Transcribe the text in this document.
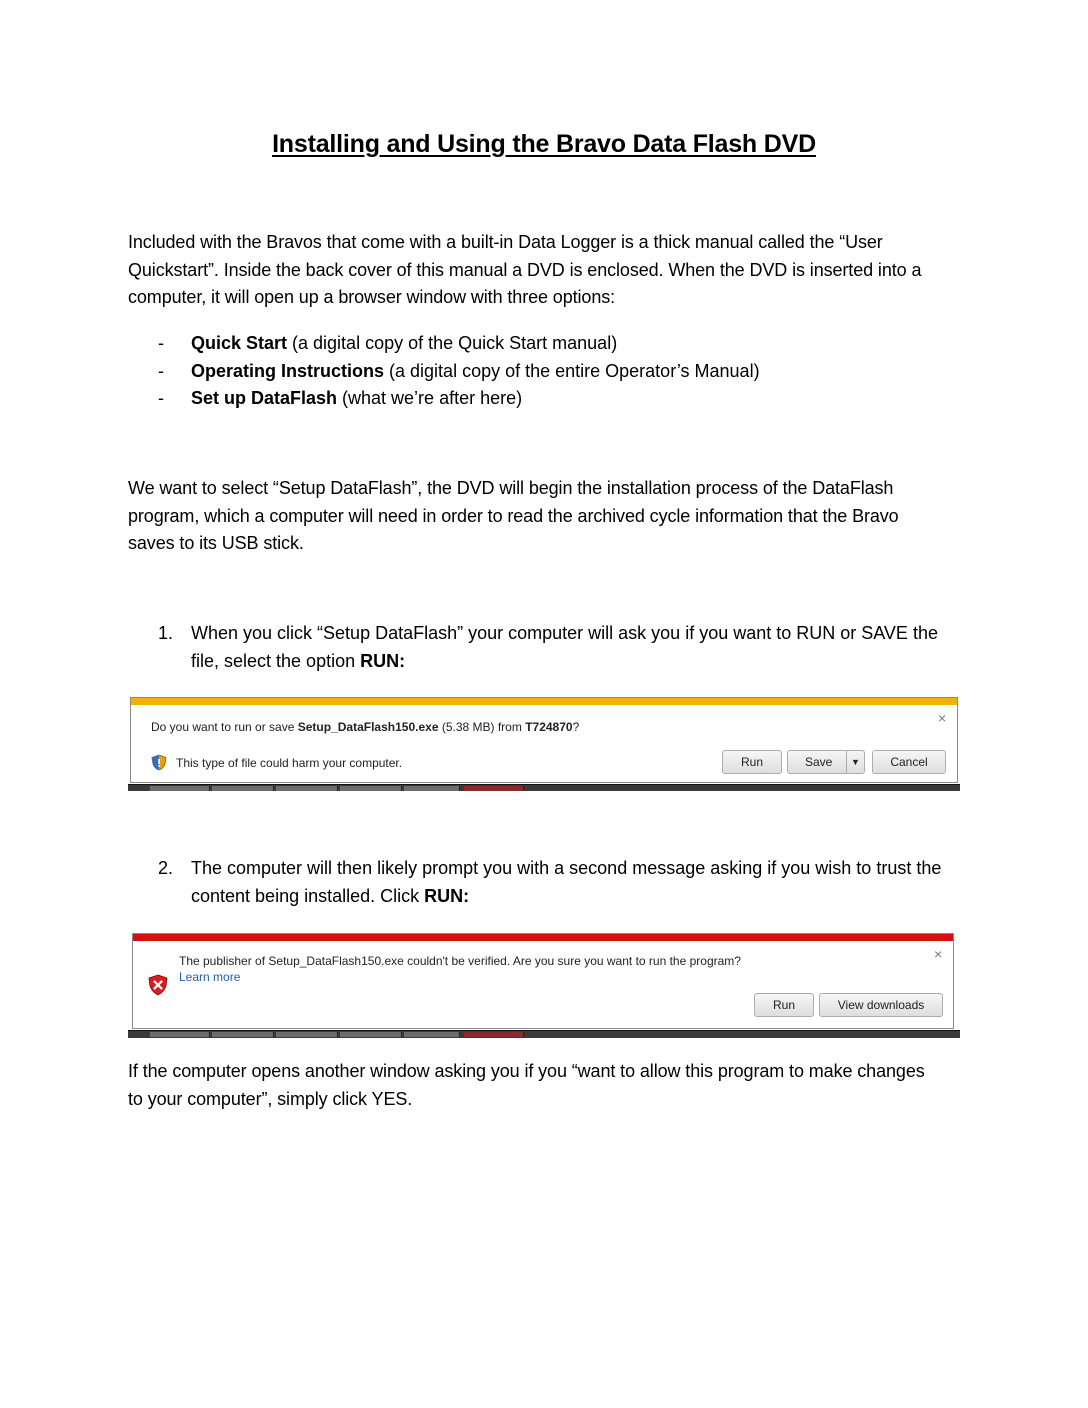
Installing and Using the Bravo Data Flash DVD
Included with the Bravos that come with a built-in Data Logger is a thick manual called the “User
Quickstart”. Inside the back cover of this manual a DVD is enclosed. When the DVD is inserted into a
computer, it will open up a browser window with three options:
-	Quick Start (a digital copy of the Quick Start manual)
-	Operating Instructions (a digital copy of the entire Operator’s Manual)
-	Set up DataFlash (what we’re after here)
We want to select “Setup DataFlash”, the DVD will begin the installation process of the DataFlash
program, which a computer will need in order to read the archived cycle information that the Bravo
saves to its USB stick.
1. When you click “Setup DataFlash” your computer will ask you if you want to RUN or SAVE the
file, select the option RUN:
Do you want to run or save Setup_DataFlash150.exe (5.38 MB) from T724870?
×
This type of file could harm your computer.	Run	Save	▼	Cancel
2. The computer will then likely prompt you with a second message asking if you wish to trust the
content being installed. Click RUN:
The publisher of Setup_DataFlash150.exe couldn't be verified. Are you sure you want to run the program?
Learn more
×
Run	View downloads
If the computer opens another window asking you if you “want to allow this program to make changes
to your computer”, simply click YES.
